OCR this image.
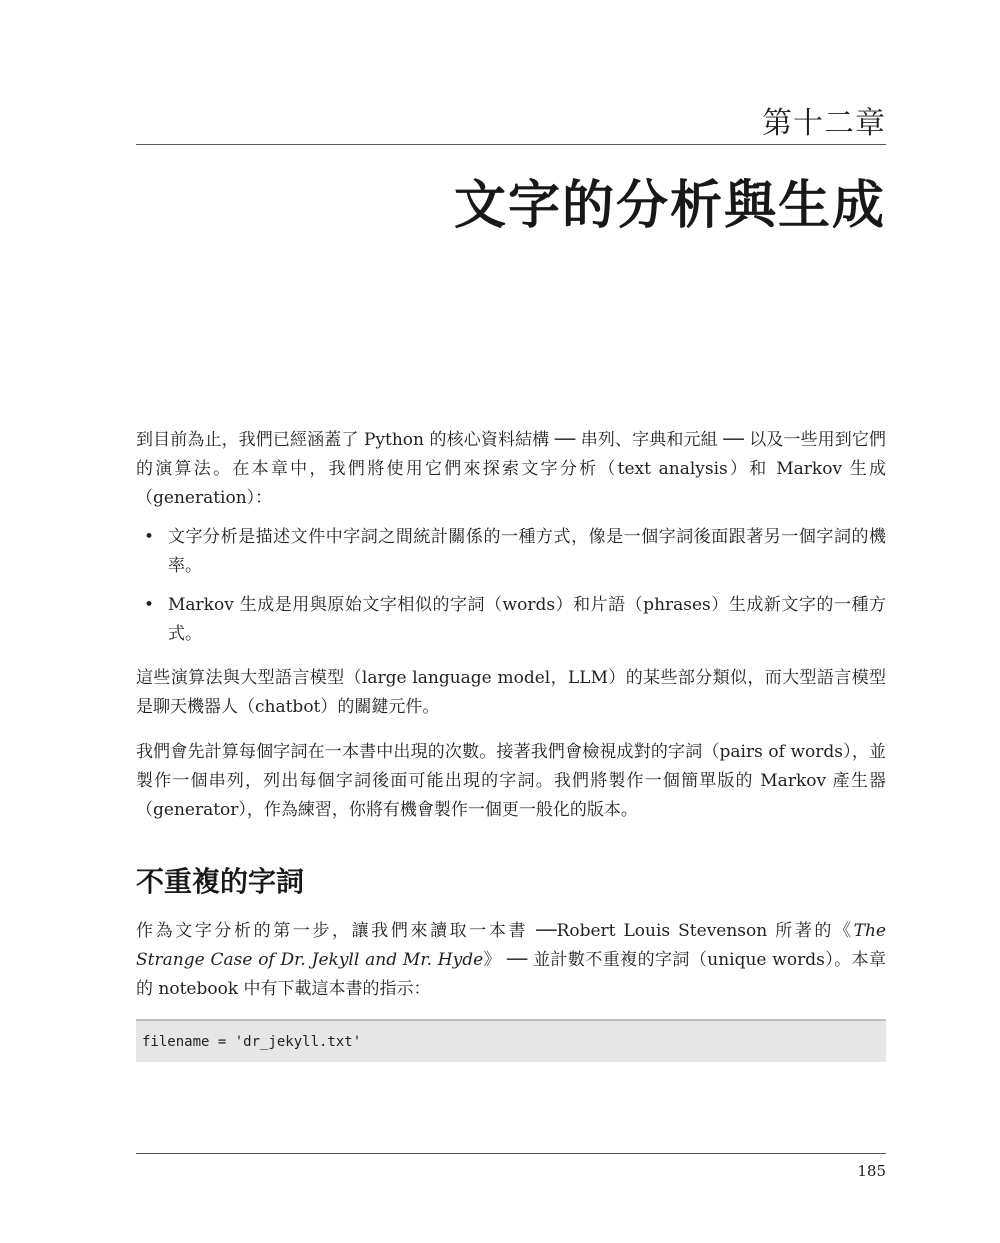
第十二章
文字的分析與生成

到目前為止，我們已經涵蓋了 Python 的核心資料結構 ── 串列、字典和元組 ── 以及一些用到它們的演算法。在本章中，我們將使用它們來探索文字分析（text analysis）和 Markov 生成（generation）：

• 文字分析是描述文件中字詞之間統計關係的一種方式，像是一個字詞後面跟著另一個字詞的機率。
• Markov 生成是用與原始文字相似的字詞（words）和片語（phrases）生成新文字的一種方式。

這些演算法與大型語言模型（large language model，LLM）的某些部分類似，而大型語言模型是聊天機器人（chatbot）的關鍵元件。

我們會先計算每個字詞在一本書中出現的次數。接著我們會檢視成對的字詞（pairs of words），並製作一個串列，列出每個字詞後面可能出現的字詞。我們將製作一個簡單版的 Markov 產生器（generator），作為練習，你將有機會製作一個更一般化的版本。

不重複的字詞

作為文字分析的第一步，讓我們來讀取一本書 ──Robert Louis Stevenson 所著的《The Strange Case of Dr. Jekyll and Mr. Hyde》 ── 並計數不重複的字詞（unique words）。本章的 notebook 中有下載這本書的指示：

filename = 'dr_jekyll.txt'
185
